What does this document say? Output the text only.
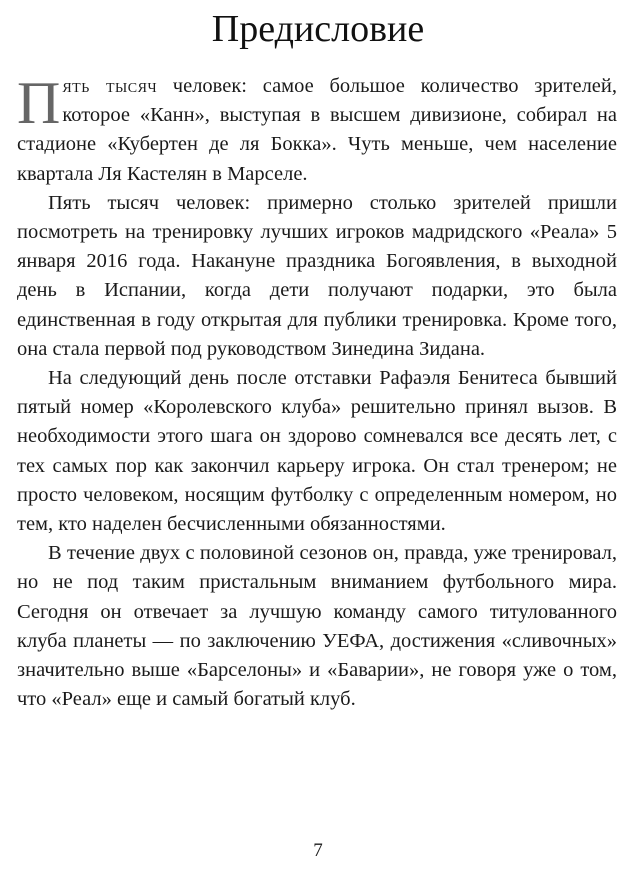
Предисловие

Пять тысяч человек: самое большое количество зрителей, которое «Канн», выступая в высшем дивизионе, собирал на стадионе «Кубертен де ля Бокка». Чуть меньше, чем население квартала Ля Кастелян в Марселе.

Пять тысяч человек: примерно столько зрителей пришли посмотреть на тренировку лучших игроков мадридского «Реала» 5 января 2016 года. Накануне праздника Богоявления, в выходной день в Испании, когда дети получают подарки, это была единственная в году открытая для публики тренировка. Кроме того, она стала первой под руководством Зинедина Зидана.

На следующий день после отставки Рафаэля Бенитеса бывший пятый номер «Королевского клуба» решительно принял вызов. В необходимости этого шага он здорово сомневался все десять лет, с тех самых пор как закончил карьеру игрока. Он стал тренером; не просто человеком, носящим футболку с определенным номером, но тем, кто наделен бесчисленными обязанностями.

В течение двух с половиной сезонов он, правда, уже тренировал, но не под таким пристальным вниманием футбольного мира. Сегодня он отвечает за лучшую команду самого титулованного клуба планеты — по заключению УЕФА, достижения «сливочных» значительно выше «Барселоны» и «Баварии», не говоря уже о том, что «Реал» еще и самый богатый клуб.

7
